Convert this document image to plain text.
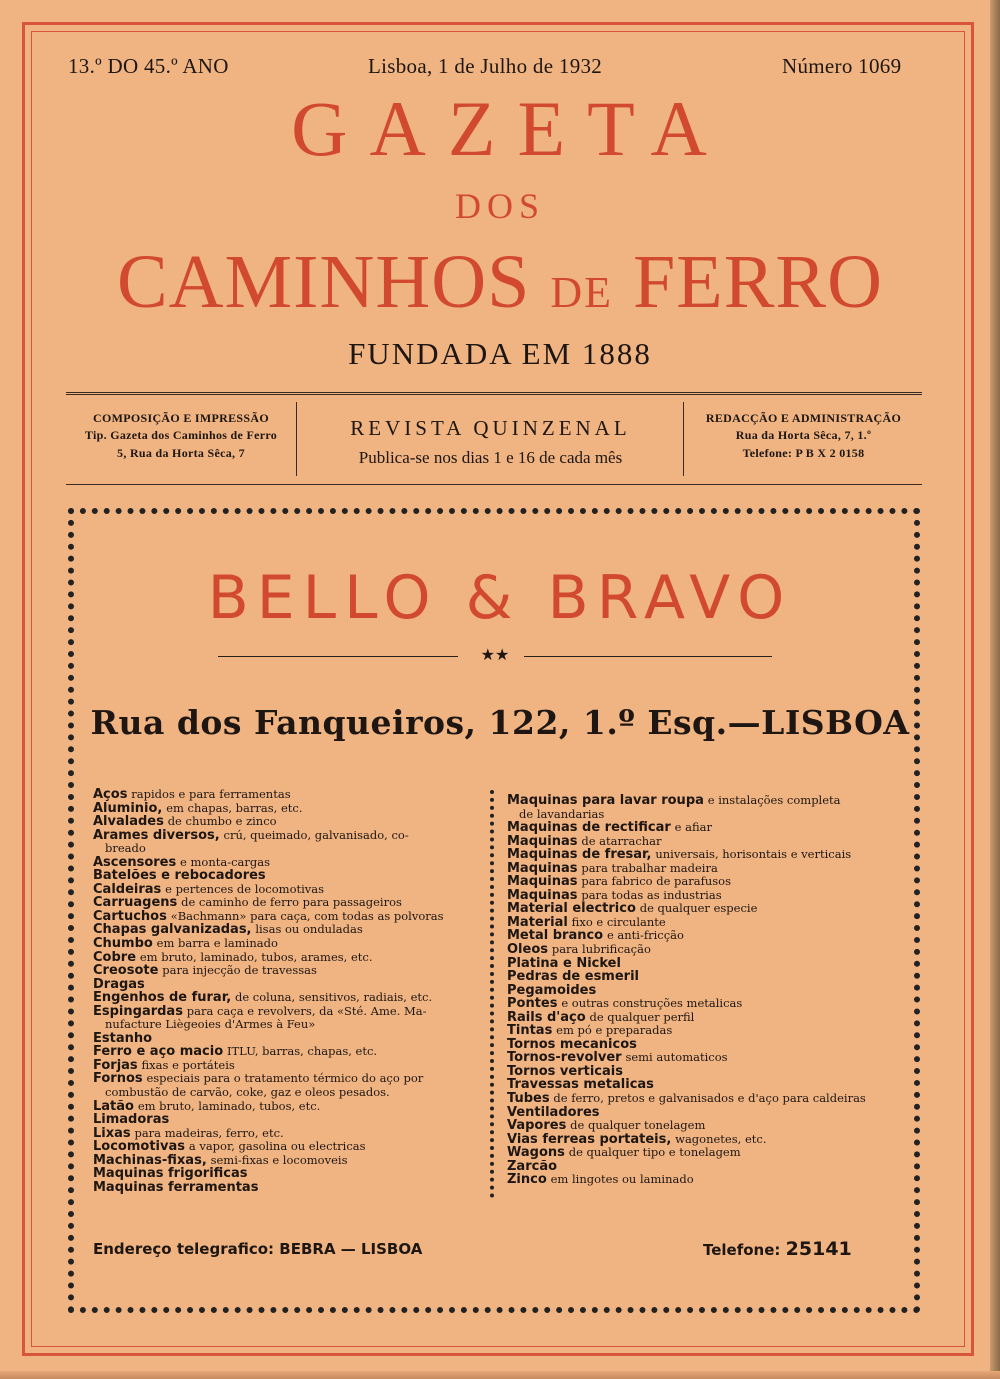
13.º DO 45.º ANO	Lisboa, 1 de Julho de 1932	Número 1069
GAZETA
DOS
CAMINHOS DE FERRO
FUNDADA EM 1888
COMPOSIÇÃO E IMPRESSÃO
Tip. Gazeta dos Caminhos de Ferro
5, Rua da Horta Sêca, 7
REVISTA QUINZENAL
Publica-se nos dias 1 e 16 de cada mês
REDACÇÃO E ADMINISTRAÇÃO
Rua da Horta Sêca, 7, 1.º
Telefone: P B X 2 0158
BELLO & BRAVO
★★
Rua dos Fanqueiros, 122, 1.º Esq.—LISBOA
Aços rapidos e para ferramentas
Aluminio, em chapas, barras, etc.
Alvalades de chumbo e zinco
Arames diversos, crú, queimado, galvanisado, co-
breado
Ascensores e monta-cargas
Batelões e rebocadores
Caldeiras e pertences de locomotivas
Carruagens de caminho de ferro para passageiros
Cartuchos «Bachmann» para caça, com todas as polvoras
Chapas galvanizadas, lisas ou onduladas
Chumbo em barra e laminado
Cobre em bruto, laminado, tubos, arames, etc.
Creosote para injecção de travessas
Dragas
Engenhos de furar, de coluna, sensitivos, radiais, etc.
Espingardas para caça e revolvers, da «Sté. Ame. Ma-
nufacture Liègeoies d'Armes à Feu»
Estanho
Ferro e aço macio ITLU, barras, chapas, etc.
Forjas fixas e portáteis
Fornos especiais para o tratamento térmico do aço por
combustão de carvão, coke, gaz e oleos pesados.
Latão em bruto, laminado, tubos, etc.
Limadoras
Lixas para madeiras, ferro, etc.
Locomotivas a vapor, gasolina ou electricas
Machinas-fixas, semi-fixas e locomoveis
Maquinas frigorificas
Maquinas ferramentas
Maquinas para lavar roupa e instalações completa
de lavandarias
Maquinas de rectificar e afiar
Maquinas de atarrachar
Maquinas de fresar, universais, horisontais e verticais
Maquinas para trabalhar madeira
Maquinas para fabrico de parafusos
Maquinas para todas as industrias
Material electrico de qualquer especie
Material fixo e circulante
Metal branco e anti-fricção
Oleos para lubrificação
Platina e Nickel
Pedras de esmeril
Pegamoides
Pontes e outras construções metalicas
Rails d'aço de qualquer perfil
Tintas em pó e preparadas
Tornos mecanicos
Tornos-revolver semi automaticos
Tornos verticais
Travessas metalicas
Tubes de ferro, pretos e galvanisados e d'aço para caldeiras
Ventiladores
Vapores de qualquer tonelagem
Vias ferreas portateis, wagonetes, etc.
Wagons de qualquer tipo e tonelagem
Zarcão
Zinco em lingotes ou laminado
Endereço telegrafico: BEBRA — LISBOA	Telefone: 25141
